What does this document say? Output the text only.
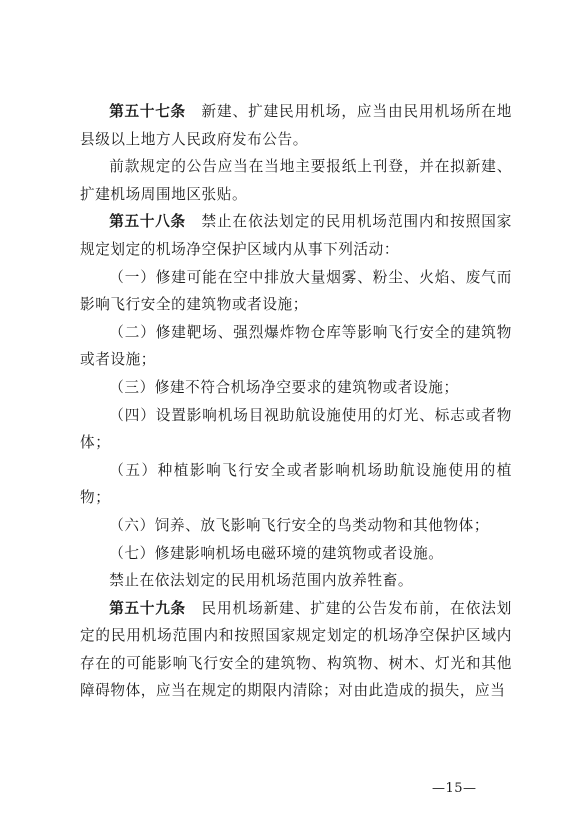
第五十七条　 新建、扩建民用机场，应当由民用机场所在地县级以上地方人民政府发布公告。

前款规定的公告应当在当地主要报纸上刊登，并在拟新建、扩建机场周围地区张贴。

第五十八条　 禁止在依法划定的民用机场范围内和按照国家规定划定的机场净空保护区域内从事下列活动：

（一）修建可能在空中排放大量烟雾、粉尘、火焰、废气而影响飞行安全的建筑物或者设施；

（二）修建靶场、强烈爆炸物仓库等影响飞行安全的建筑物或者设施；

（三）修建不符合机场净空要求的建筑物或者设施；

（四）设置影响机场目视助航设施使用的灯光、标志或者物体；

（五）种植影响飞行安全或者影响机场助航设施使用的植物；

（六）饲养、放飞影响飞行安全的鸟类动物和其他物体；

（七）修建影响机场电磁环境的建筑物或者设施。

禁止在依法划定的民用机场范围内放养牲畜。

第五十九条　 民用机场新建、扩建的公告发布前，在依法划定的民用机场范围内和按照国家规定划定的机场净空保护区域内存在的可能影响飞行安全的建筑物、构筑物、树木、灯光和其他障碍物体，应当在规定的期限内清除；对由此造成的损失，应当

—15—
